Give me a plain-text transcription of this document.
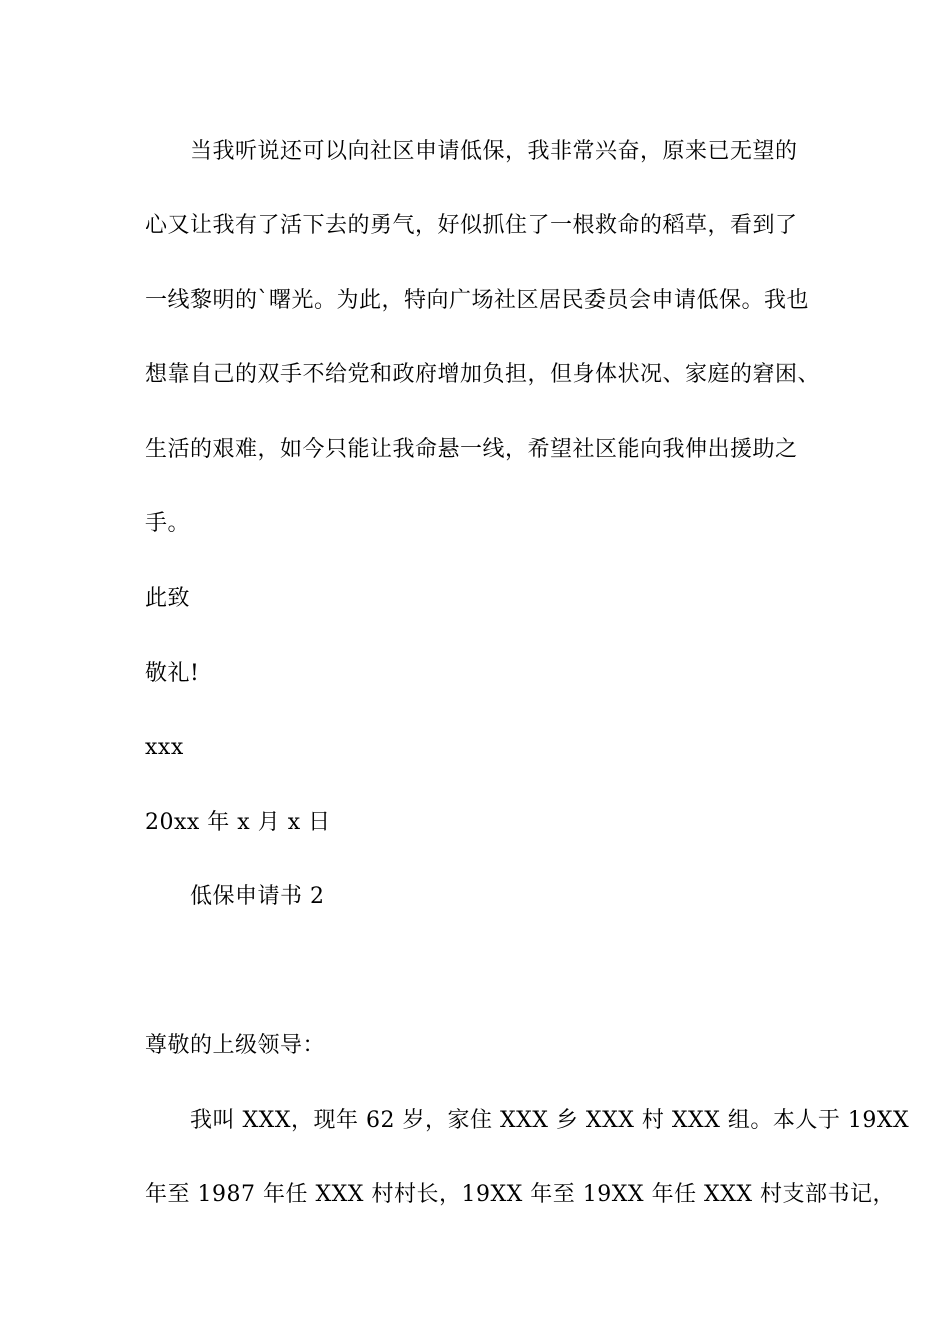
当我听说还可以向社区申请低保，我非常兴奋，原来已无望的
心又让我有了活下去的勇气，好似抓住了一根救命的稻草，看到了
一线黎明的`曙光。为此，特向广场社区居民委员会申请低保。我也
想靠自己的双手不给党和政府增加负担，但身体状况、家庭的窘困、
生活的艰难，如今只能让我命悬一线，希望社区能向我伸出援助之
手。
此致
敬礼!
xxx
20xx 年 x 月 x 日
低保申请书 2
尊敬的上级领导：
我叫 XXX，现年 62 岁，家住 XXX 乡 XXX 村 XXX 组。本人于 19XX
年至 1987 年任 XXX 村村长，19XX 年至 19XX 年任 XXX 村支部书记，
